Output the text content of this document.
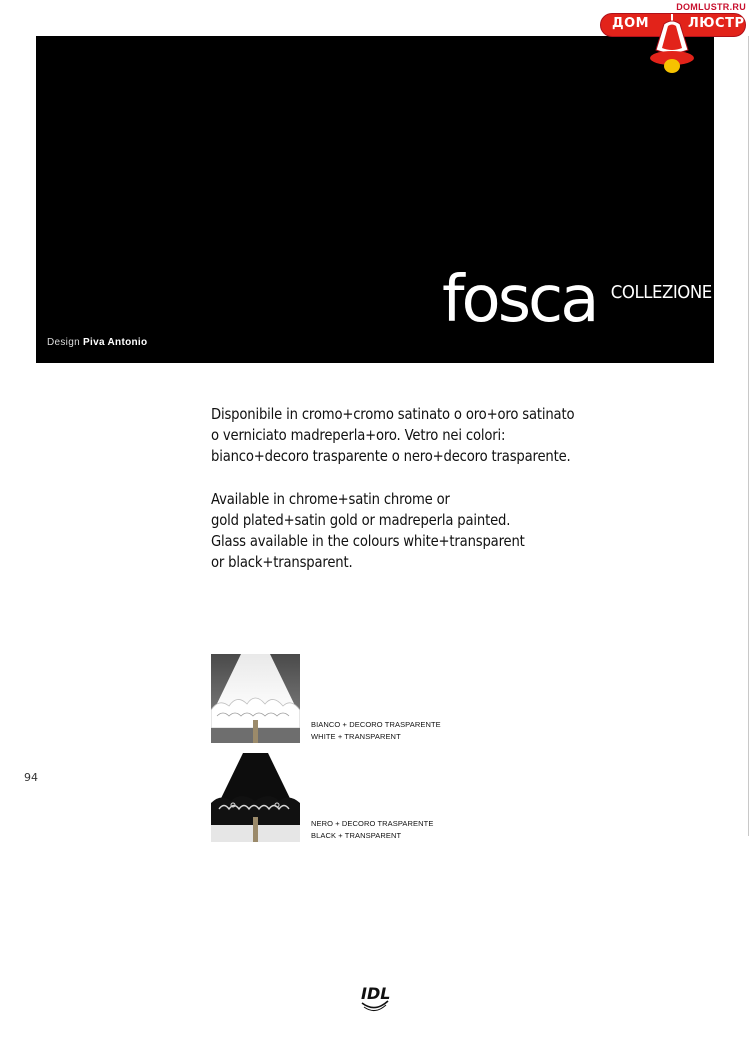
Design Piva Antonio
fosca COLLEZIONE
DOMLUSTR.RU
ДОМ	ЛЮСТР
Disponibile in cromo+cromo satinato o oro+oro satinato
o verniciato madreperla+oro. Vetro nei colori:
bianco+decoro trasparente o nero+decoro trasparente.
Available in chrome+satin chrome or
gold plated+satin gold or madreperla painted.
Glass available in the colours white+transparent
or black+transparent.
BIANCO + DECORO TRASPARENTE
WHITE + TRANSPARENT
NERO + DECORO TRASPARENTE
BLACK + TRANSPARENT
94
IDL
